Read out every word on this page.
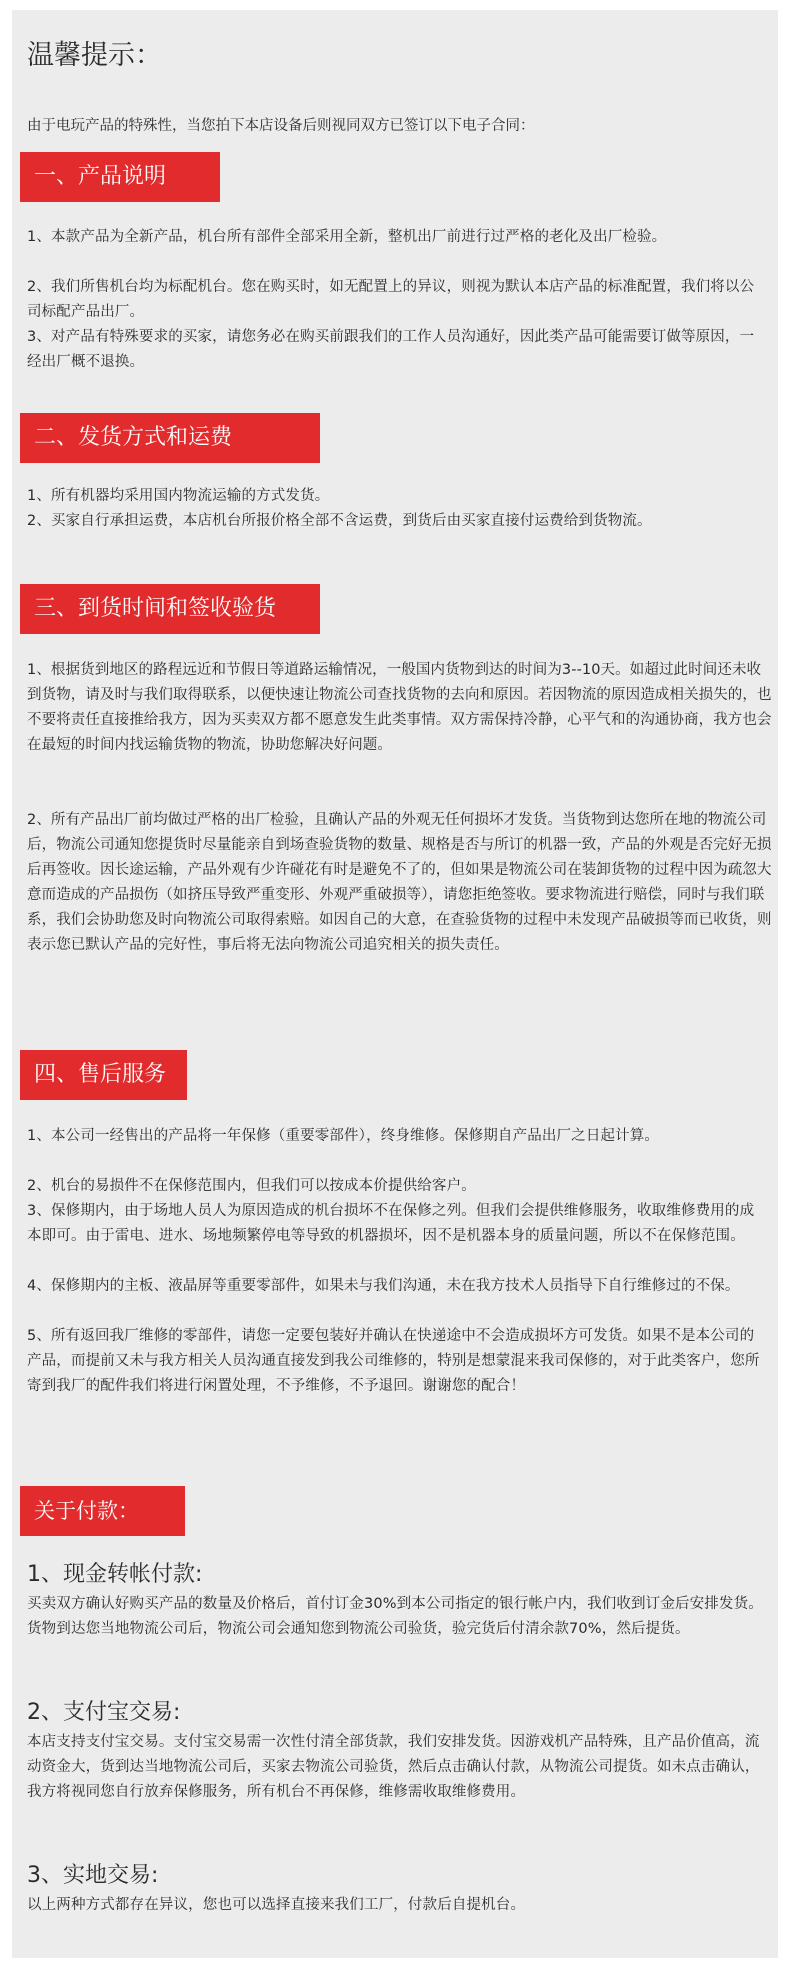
温馨提示：

由于电玩产品的特殊性，当您拍下本店设备后则视同双方已签订以下电子合同：

一、产品说明

1、本款产品为全新产品，机台所有部件全部采用全新，整机出厂前进行过严格的老化及出厂检验。

2、我们所售机台均为标配机台。您在购买时，如无配置上的异议，则视为默认本店产品的标准配置，我们将以公司标配产品出厂。

3、对产品有特殊要求的买家，请您务必在购买前跟我们的工作人员沟通好，因此类产品可能需要订做等原因，一经出厂概不退换。

二、发货方式和运费

1、所有机器均采用国内物流运输的方式发货。

2、买家自行承担运费，本店机台所报价格全部不含运费，到货后由买家直接付运费给到货物流。

三、到货时间和签收验货

1、根据货到地区的路程远近和节假日等道路运输情况，一般国内货物到达的时间为3--10天。如超过此时间还未收到货物，请及时与我们取得联系，以便快速让物流公司查找货物的去向和原因。若因物流的原因造成相关损失的，也不要将责任直接推给我方，因为买卖双方都不愿意发生此类事情。双方需保持冷静，心平气和的沟通协商，我方也会在最短的时间内找运输货物的物流，协助您解决好问题。

2、所有产品出厂前均做过严格的出厂检验，且确认产品的外观无任何损坏才发货。当货物到达您所在地的物流公司后，物流公司通知您提货时尽量能亲自到场查验货物的数量、规格是否与所订的机器一致，产品的外观是否完好无损后再签收。因长途运输，产品外观有少许碰花有时是避免不了的，但如果是物流公司在装卸货物的过程中因为疏忽大意而造成的产品损伤（如挤压导致严重变形、外观严重破损等），请您拒绝签收。要求物流进行赔偿，同时与我们联系，我们会协助您及时向物流公司取得索赔。如因自己的大意，在查验货物的过程中未发现产品破损等而已收货，则表示您已默认产品的完好性，事后将无法向物流公司追究相关的损失责任。

四、售后服务

1、本公司一经售出的产品将一年保修（重要零部件），终身维修。保修期自产品出厂之日起计算。

2、机台的易损件不在保修范围内，但我们可以按成本价提供给客户。

3、保修期内，由于场地人员人为原因造成的机台损坏不在保修之列。但我们会提供维修服务，收取维修费用的成本即可。由于雷电、进水、场地频繁停电等导致的机器损坏，因不是机器本身的质量问题，所以不在保修范围。

4、保修期内的主板、液晶屏等重要零部件，如果未与我们沟通，未在我方技术人员指导下自行维修过的不保。

5、所有返回我厂维修的零部件，请您一定要包装好并确认在快递途中不会造成损坏方可发货。如果不是本公司的产品，而提前又未与我方相关人员沟通直接发到我公司维修的，特别是想蒙混来我司保修的，对于此类客户，您所寄到我厂的配件我们将进行闲置处理，不予维修，不予退回。谢谢您的配合！

关于付款：
1、现金转帐付款:

买卖双方确认好购买产品的数量及价格后，首付订金30%到本公司指定的银行帐户内，我们收到订金后安排发货。货物到达您当地物流公司后，物流公司会通知您到物流公司验货，验完货后付清余款70%，然后提货。

2、支付宝交易:

本店支持支付宝交易。支付宝交易需一次性付清全部货款，我们安排发货。因游戏机产品特殊，且产品价值高，流动资金大，货到达当地物流公司后，买家去物流公司验货，然后点击确认付款，从物流公司提货。如未点击确认，我方将视同您自行放弃保修服务，所有机台不再保修，维修需收取维修费用。

3、实地交易:

以上两种方式都存在异议，您也可以选择直接来我们工厂，付款后自提机台。
